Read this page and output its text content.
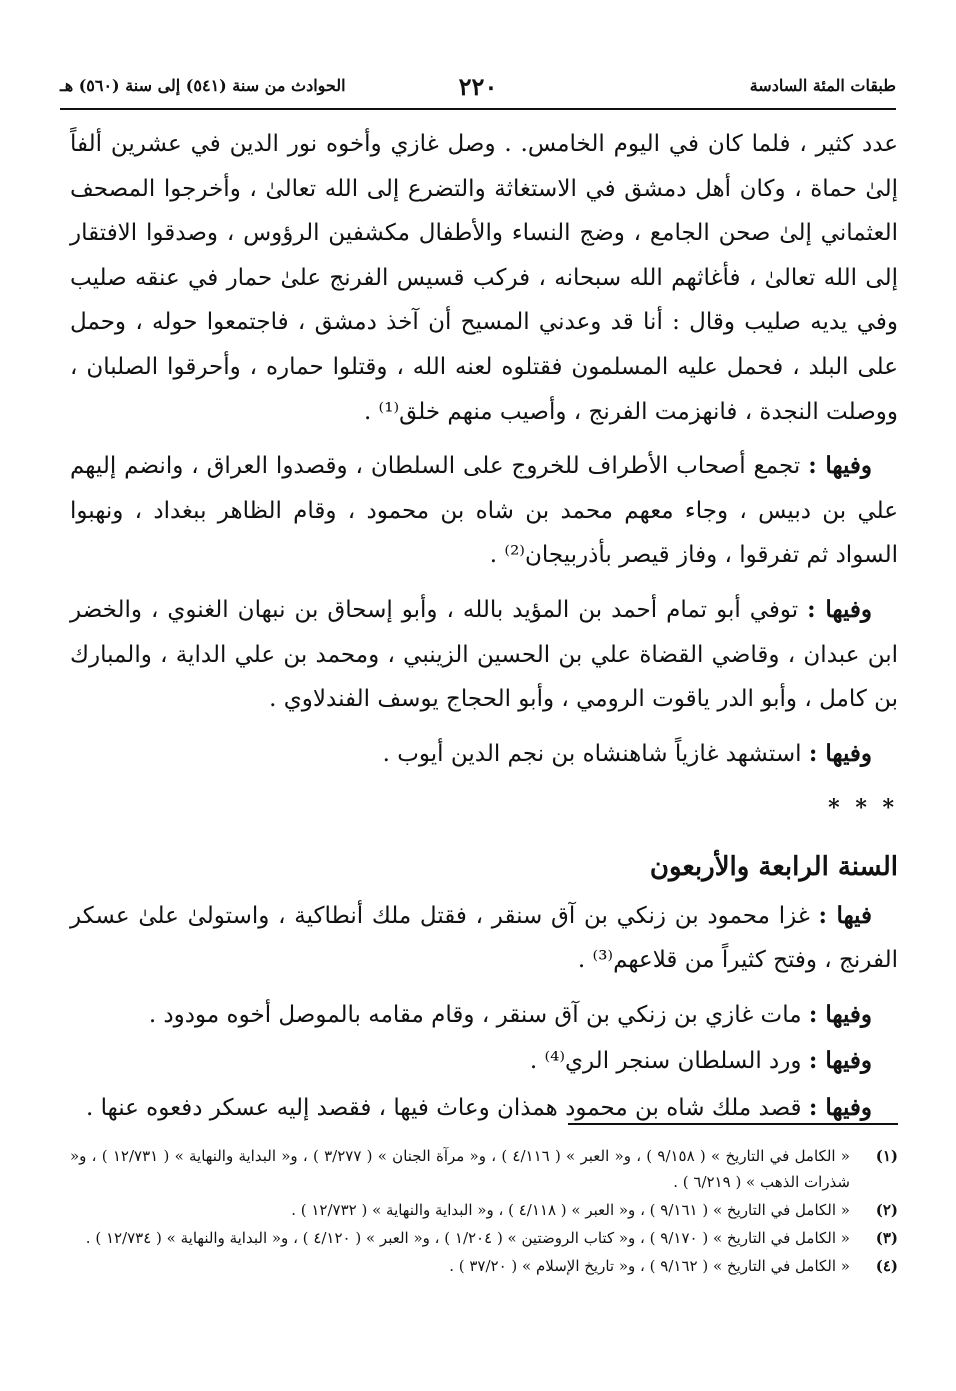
طبقات المئة السادسة
٢٢٠
الحوادث من سنة (٥٤١) إلى سنة (٥٦٠) هـ

عدد كثير ، فلما كان في اليوم الخامس. . وصل غازي وأخوه نور الدين في عشرين ألفاً إلىٰ حماة ، وكان أهل دمشق في الاستغاثة والتضرع إلى الله تعالىٰ ، وأخرجوا المصحف العثماني إلىٰ صحن الجامع ، وضج النساء والأطفال مكشفين الرؤوس ، وصدقوا الافتقار إلى الله تعالىٰ ، فأغاثهم الله سبحانه ، فركب قسيس الفرنج علىٰ حمار في عنقه صليب وفي يديه صليب وقال : أنا قد وعدني المسيح أن آخذ دمشق ، فاجتمعوا حوله ، وحمل على البلد ، فحمل عليه المسلمون فقتلوه لعنه الله ، وقتلوا حماره ، وأحرقوا الصلبان ، ووصلت النجدة ، فانهزمت الفرنج ، وأصيب منهم خلق⁽¹⁾ .

وفيها : تجمع أصحاب الأطراف للخروج على السلطان ، وقصدوا العراق ، وانضم إليهم علي بن دبيس ، وجاء معهم محمد بن شاه بن محمود ، وقام الظاهر ببغداد ، ونهبوا السواد ثم تفرقوا ، وفاز قيصر بأذربيجان⁽²⁾ .

وفيها : توفي أبو تمام أحمد بن المؤيد بالله ، وأبو إسحاق بن نبهان الغنوي ، والخضر ابن عبدان ، وقاضي القضاة علي بن الحسين الزينبي ، ومحمد بن علي الداية ، والمبارك بن كامل ، وأبو الدر ياقوت الرومي ، وأبو الحجاج يوسف الفندلاوي .

وفيها : استشهد غازياً شاهنشاه بن نجم الدين أيوب .

* * *
السنة الرابعة والأربعون

فيها : غزا محمود بن زنكي بن آق سنقر ، فقتل ملك أنطاكية ، واستولىٰ علىٰ عسكر الفرنج ، وفتح كثيراً من قلاعهم⁽³⁾ .

وفيها : مات غازي بن زنكي بن آق سنقر ، وقام مقامه بالموصل أخوه مودود .

وفيها : ورد السلطان سنجر الري⁽⁴⁾ .

وفيها : قصد ملك شاه بن محمود همذان وعاث فيها ، فقصد إليه عسكر دفعوه عنها .

(١)
« الكامل في التاريخ » ( ٩/١٥٨ ) ، و« العبر » ( ٤/١١٦ ) ، و« مرآة الجنان » ( ٣/٢٧٧ ) ، و« البداية والنهاية » ( ١٢/٧٣١ ) ، و« شذرات الذهب » ( ٦/٢١٩ ) .
(٢)
« الكامل في التاريخ » ( ٩/١٦١ ) ، و« العبر » ( ٤/١١٨ ) ، و« البداية والنهاية » ( ١٢/٧٣٢ ) .
(٣)
« الكامل في التاريخ » ( ٩/١٧٠ ) ، و« كتاب الروضتين » ( ١/٢٠٤ ) ، و« العبر » ( ٤/١٢٠ ) ، و« البداية والنهاية » ( ١٢/٧٣٤ ) .
(٤)
« الكامل في التاريخ » ( ٩/١٦٢ ) ، و« تاريخ الإسلام » ( ٣٧/٢٠ ) .
